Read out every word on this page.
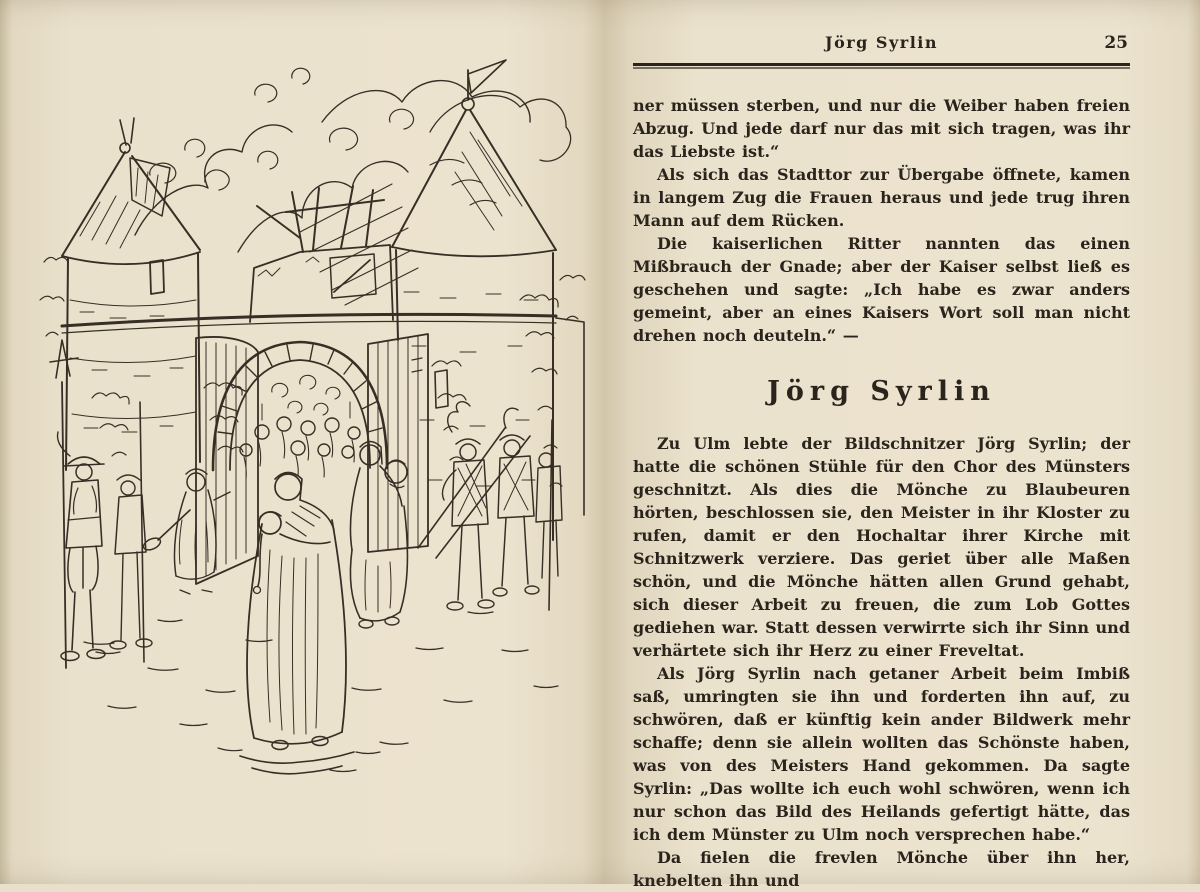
Jörg Syrlin	25

ner müssen sterben, und nur die Weiber haben freien Abzug. Und jede darf nur das mit sich tragen, was ihr das Liebste ist.“

Als sich das Stadttor zur Übergabe öffnete, kamen in langem Zug die Frauen heraus und jede trug ihren Mann auf dem Rücken.

Die kaiserlichen Ritter nannten das einen Mißbrauch der Gnade; aber der Kaiser selbst ließ es geschehen und sagte: „Ich habe es zwar anders gemeint, aber an eines Kaisers Wort soll man nicht drehen noch deuteln.“ —

Jörg Syrlin

Zu Ulm lebte der Bildschnitzer Jörg Syrlin; der hatte die schönen Stühle für den Chor des Münsters geschnitzt. Als dies die Mönche zu Blaubeuren hörten, beschlossen sie, den Meister in ihr Kloster zu rufen, damit er den Hochaltar ihrer Kirche mit Schnitzwerk verziere. Das geriet über alle Maßen schön, und die Mönche hätten allen Grund gehabt, sich dieser Arbeit zu freuen, die zum Lob Gottes gediehen war. Statt dessen verwirrte sich ihr Sinn und verhärtete sich ihr Herz zu einer Freveltat.

Als Jörg Syrlin nach getaner Arbeit beim Imbiß saß, umringten sie ihn und forderten ihn auf, zu schwören, daß er künftig kein ander Bildwerk mehr schaffe; denn sie allein wollten das Schönste haben, was von des Meisters Hand gekommen. Da sagte Syrlin: „Das wollte ich euch wohl schwören, wenn ich nur schon das Bild des Heilands gefertigt hätte, das ich dem Münster zu Ulm noch versprechen habe.“

Da fielen die frevlen Mönche über ihn her, knebelten ihn und
